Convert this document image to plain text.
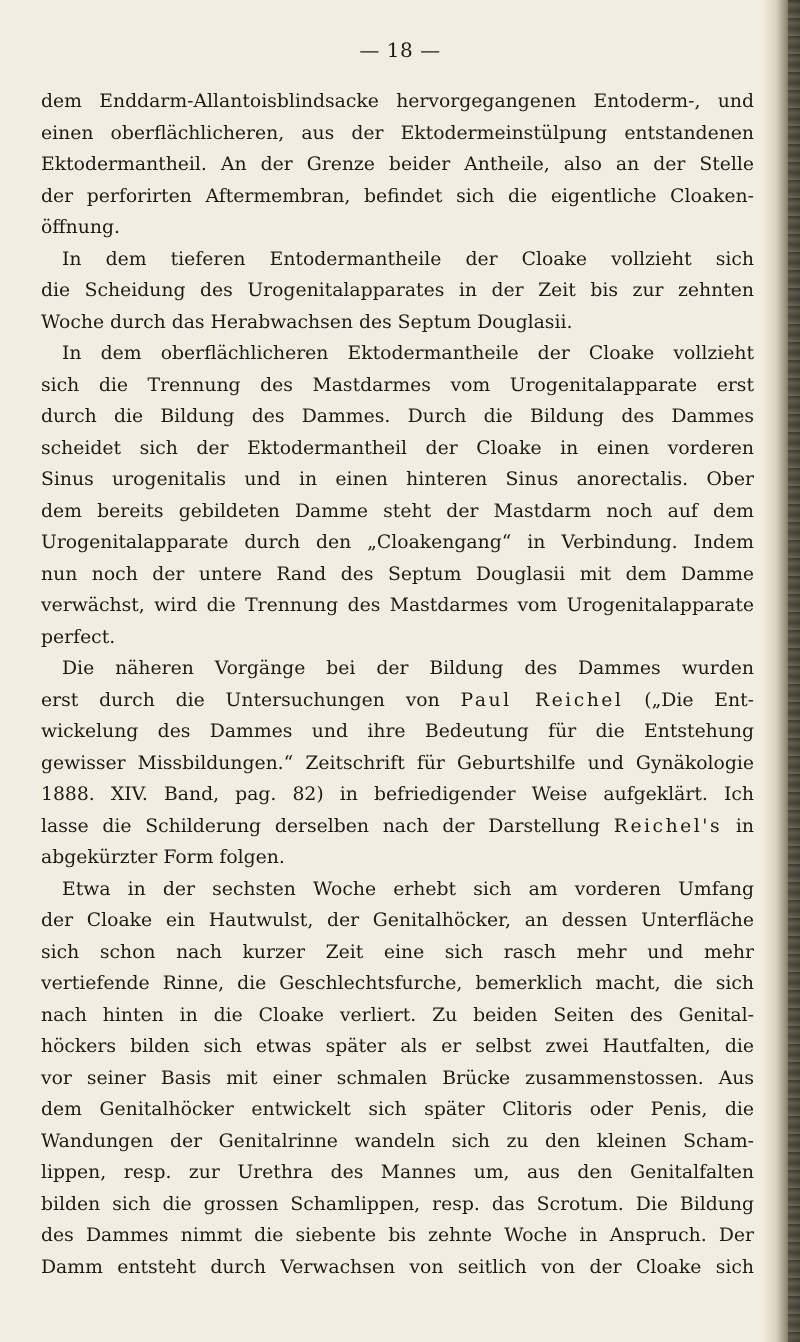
— 18 —
dem Enddarm-Allantoisblindsacke hervorgegangenen Entoderm-, und
einen oberflächlicheren, aus der Ektodermeinstülpung entstandenen
Ektodermantheil. An der Grenze beider Antheile, also an der Stelle
der perforirten Aftermembran, befindet sich die eigentliche Cloaken-
öffnung.
In dem tieferen Entodermantheile der Cloake vollzieht sich
die Scheidung des Urogenitalapparates in der Zeit bis zur zehnten
Woche durch das Herabwachsen des Septum Douglasii.
In dem oberflächlicheren Ektodermantheile der Cloake vollzieht
sich die Trennung des Mastdarmes vom Urogenitalapparate erst
durch die Bildung des Dammes. Durch die Bildung des Dammes
scheidet sich der Ektodermantheil der Cloake in einen vorderen
Sinus urogenitalis und in einen hinteren Sinus anorectalis. Ober
dem bereits gebildeten Damme steht der Mastdarm noch auf dem
Urogenitalapparate durch den „Cloakengang“ in Verbindung. Indem
nun noch der untere Rand des Septum Douglasii mit dem Damme
verwächst, wird die Trennung des Mastdarmes vom Urogenitalapparate
perfect.
Die näheren Vorgänge bei der Bildung des Dammes wurden
erst durch die Untersuchungen von Paul Reichel („Die Ent-
wickelung des Dammes und ihre Bedeutung für die Entstehung
gewisser Missbildungen.“ Zeitschrift für Geburtshilfe und Gynäkologie
1888. XIV. Band, pag. 82) in befriedigender Weise aufgeklärt. Ich
lasse die Schilderung derselben nach der Darstellung Reichel's in
abgekürzter Form folgen.
Etwa in der sechsten Woche erhebt sich am vorderen Umfang
der Cloake ein Hautwulst, der Genitalhöcker, an dessen Unterfläche
sich schon nach kurzer Zeit eine sich rasch mehr und mehr
vertiefende Rinne, die Geschlechtsfurche, bemerklich macht, die sich
nach hinten in die Cloake verliert. Zu beiden Seiten des Genital-
höckers bilden sich etwas später als er selbst zwei Hautfalten, die
vor seiner Basis mit einer schmalen Brücke zusammenstossen. Aus
dem Genitalhöcker entwickelt sich später Clitoris oder Penis, die
Wandungen der Genitalrinne wandeln sich zu den kleinen Scham-
lippen, resp. zur Urethra des Mannes um, aus den Genitalfalten
bilden sich die grossen Schamlippen, resp. das Scrotum. Die Bildung
des Dammes nimmt die siebente bis zehnte Woche in Anspruch. Der
Damm entsteht durch Verwachsen von seitlich von der Cloake sich
